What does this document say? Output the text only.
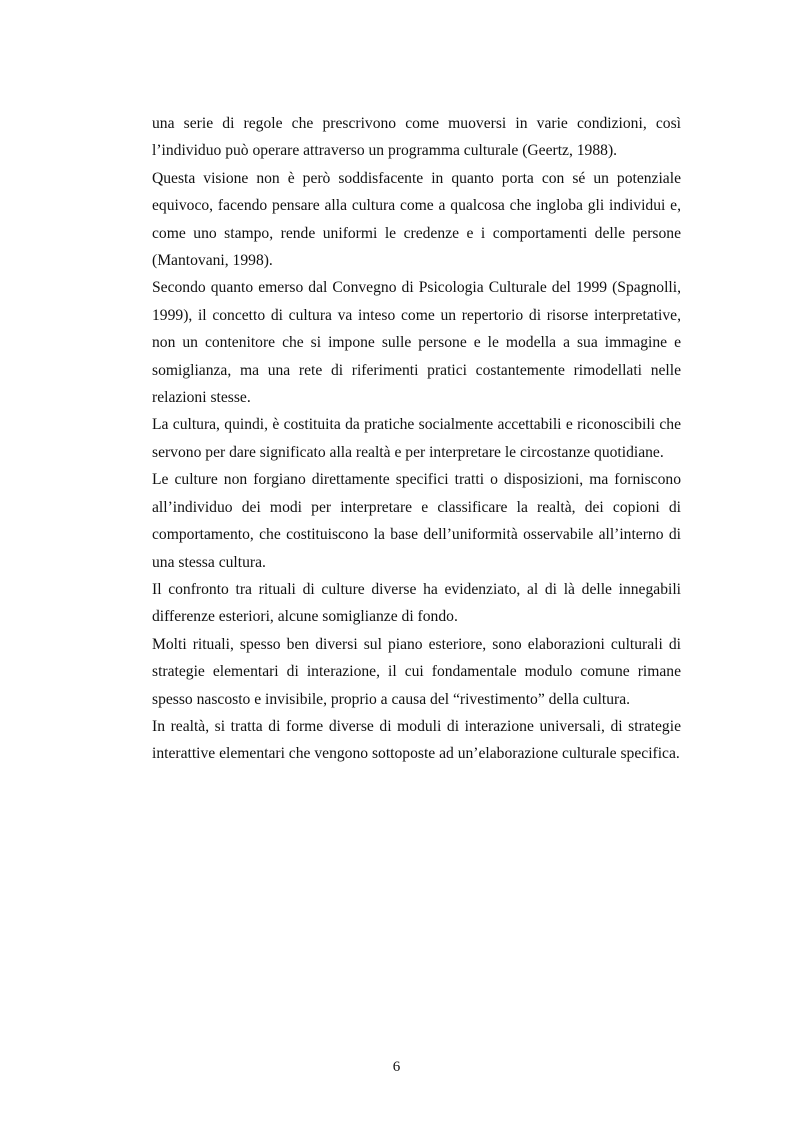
una serie di regole che prescrivono come muoversi in varie condizioni, così l’individuo può operare attraverso un programma culturale (Geertz, 1988).

Questa visione non è però soddisfacente in quanto porta con sé un potenziale equivoco, facendo pensare alla cultura come a qualcosa che ingloba gli individui e, come uno stampo, rende uniformi le credenze e i comportamenti delle persone (Mantovani, 1998).

Secondo quanto emerso dal Convegno di Psicologia Culturale del 1999 (Spagnolli, 1999), il concetto di cultura va inteso come un repertorio di risorse interpretative, non un contenitore che si impone sulle persone e le modella a sua immagine e somiglianza, ma una rete di riferimenti pratici costantemente rimodellati nelle relazioni stesse.

La cultura, quindi, è costituita da pratiche socialmente accettabili e riconoscibili che servono per dare significato alla realtà e per interpretare le circostanze quotidiane.

Le culture non forgiano direttamente specifici tratti o disposizioni, ma forniscono all’individuo dei modi per interpretare e classificare la realtà, dei copioni di comportamento, che costituiscono la base dell’uniformità osservabile all’interno di una stessa cultura.

Il confronto tra rituali di culture diverse ha evidenziato, al di là delle innegabili differenze esteriori, alcune somiglianze di fondo.

Molti rituali, spesso ben diversi sul piano esteriore, sono elaborazioni culturali di strategie elementari di interazione, il cui fondamentale modulo comune rimane spesso nascosto e invisibile, proprio a causa del “rivestimento” della cultura.

In realtà, si tratta di forme diverse di moduli di interazione universali, di strategie interattive elementari che vengono sottoposte ad un’elaborazione culturale specifica.

6
